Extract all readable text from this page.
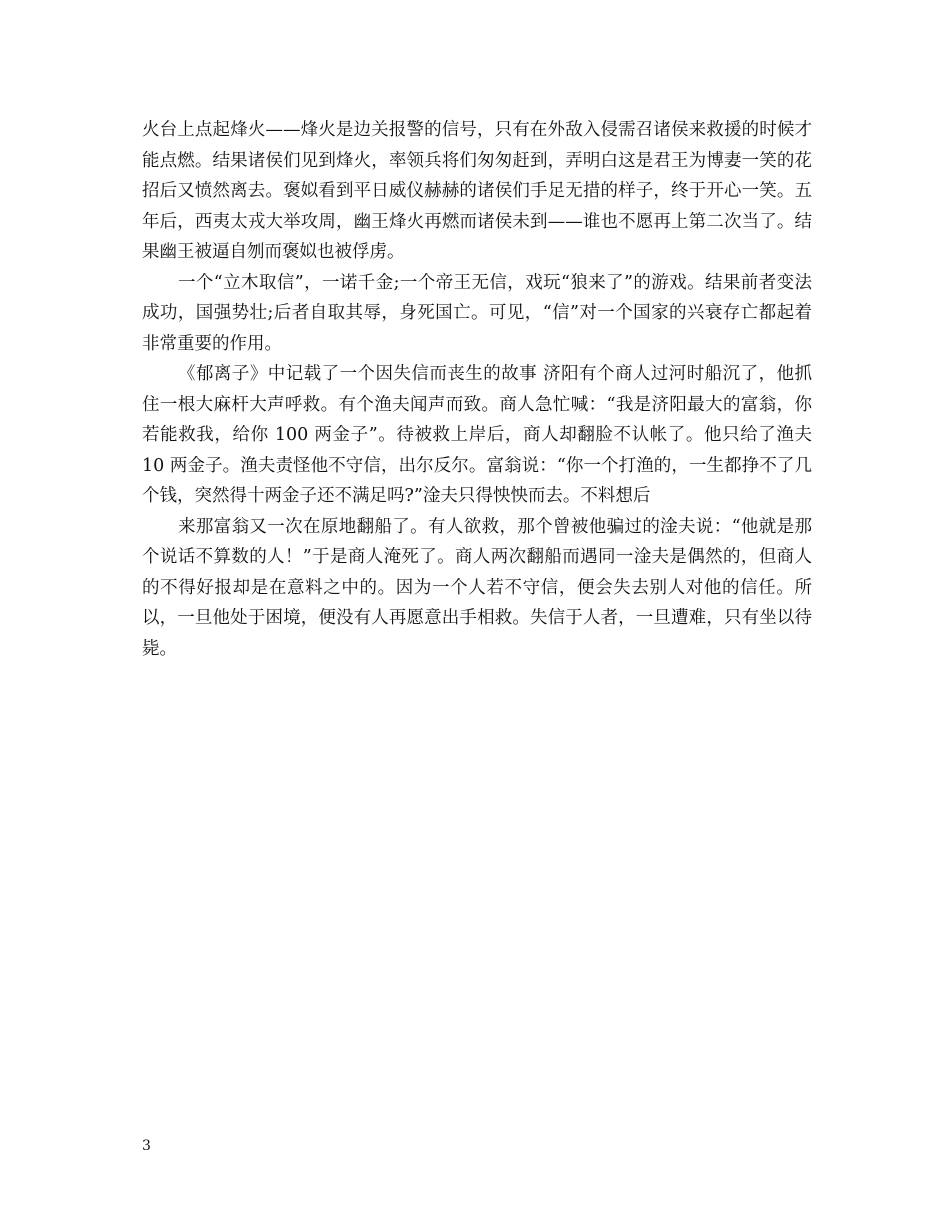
火台上点起烽火——烽火是边关报警的信号，只有在外敌入侵需召诸侯来救援的时候才能点燃。结果诸侯们见到烽火，率领兵将们匆匆赶到，弄明白这是君王为博妻一笑的花招后又愤然离去。褒姒看到平日威仪赫赫的诸侯们手足无措的样子，终于开心一笑。五年后，西夷太戎大举攻周，幽王烽火再燃而诸侯未到——谁也不愿再上第二次当了。结果幽王被逼自刎而褒姒也被俘虏。

一个“立木取信”，一诺千金;一个帝王无信，戏玩“狼来了”的游戏。结果前者变法成功，国强势壮;后者自取其辱，身死国亡。可见，“信”对一个国家的兴衰存亡都起着非常重要的作用。

《郁离子》中记载了一个因失信而丧生的故事 济阳有个商人过河时船沉了，他抓住一根大麻杆大声呼救。有个渔夫闻声而致。商人急忙喊：“我是济阳最大的富翁，你若能救我，给你 100 两金子”。待被救上岸后，商人却翻脸不认帐了。他只给了渔夫 10 两金子。渔夫责怪他不守信，出尔反尔。富翁说：“你一个打渔的，一生都挣不了几个钱，突然得十两金子还不满足吗?”淦夫只得怏怏而去。不料想后

来那富翁又一次在原地翻船了。有人欲救，那个曾被他骗过的淦夫说：“他就是那个说话不算数的人！”于是商人淹死了。商人两次翻船而遇同一淦夫是偶然的，但商人的不得好报却是在意料之中的。因为一个人若不守信，便会失去别人对他的信任。所以，一旦他处于困境，便没有人再愿意出手相救。失信于人者，一旦遭难，只有坐以待毙。

3
